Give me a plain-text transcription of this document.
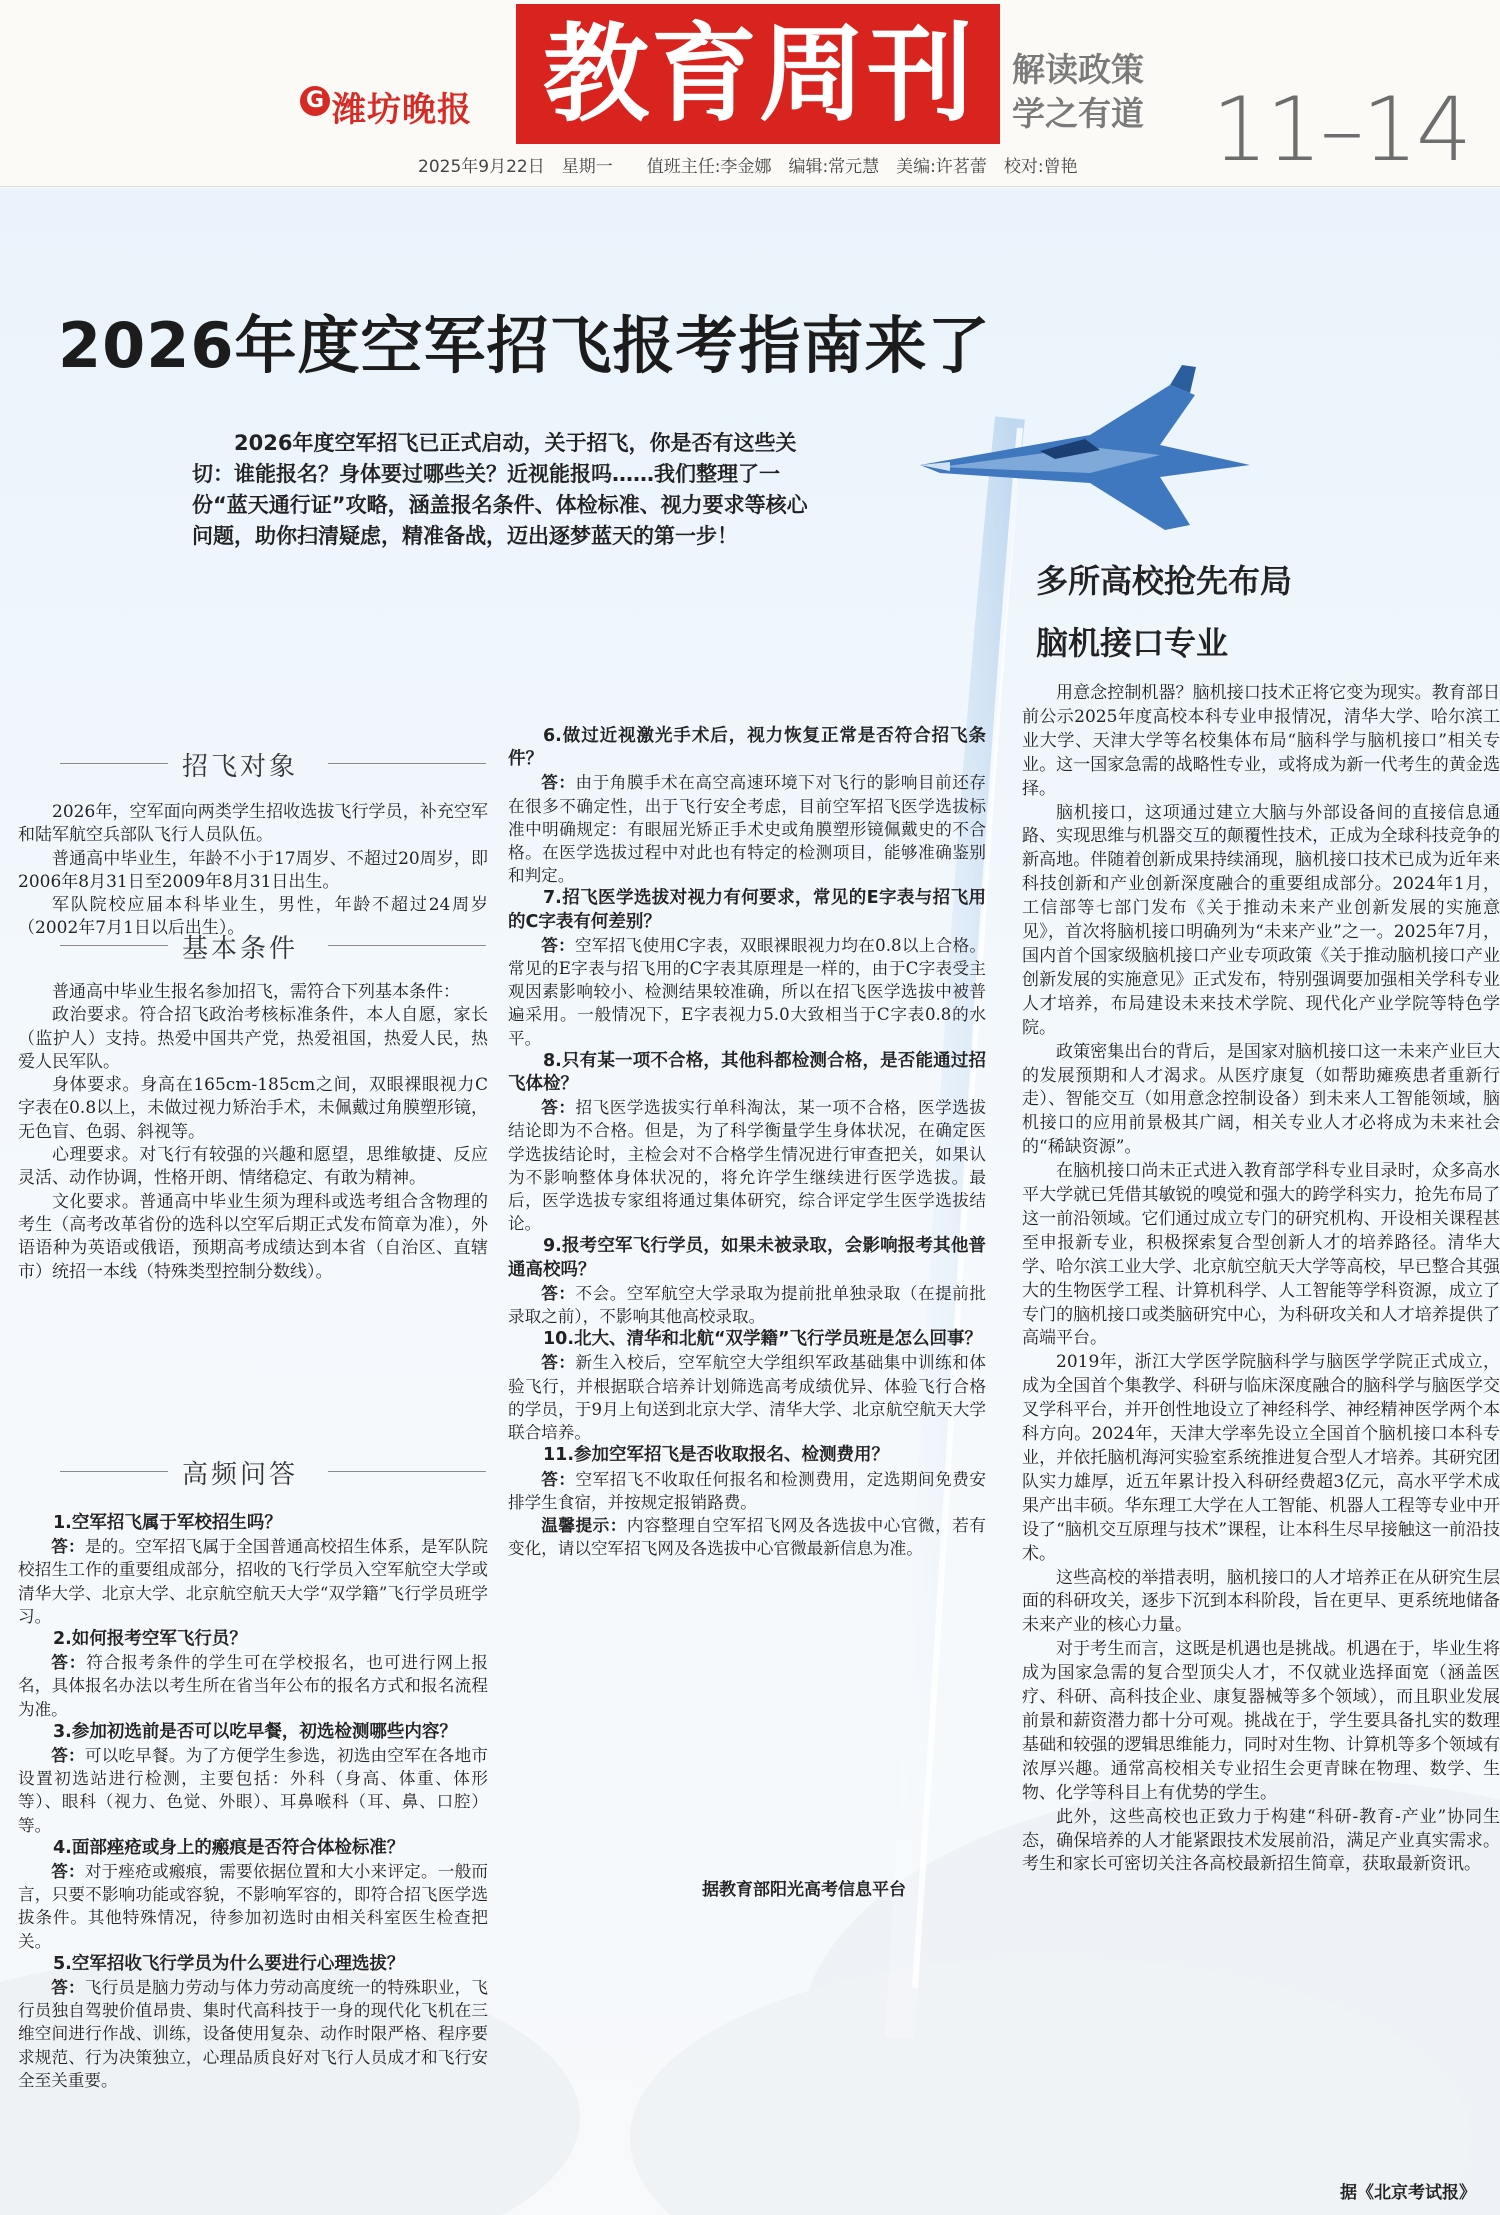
G 潍坊晚报 教育周刊	解读政策
学之有道 11–14
2025年9月22日　星期一　　值班主任:李金娜　编辑:常元慧　美编:许茗蕾　校对:曾艳
2026年度空军招飞报考指南来了
2026年度空军招飞已正式启动，关于招飞，你是否有这些关切：谁能报名？身体要过哪些关？近视能报吗……我们整理了一份“蓝天通行证”攻略，涵盖报名条件、体检标准、视力要求等核心问题，助你扫清疑虑，精准备战，迈出逐梦蓝天的第一步！
多所高校抢先布局
脑机接口专业
招飞对象

2026年，空军面向两类学生招收选拔飞行学员，补充空军和陆军航空兵部队飞行人员队伍。

普通高中毕业生，年龄不小于17周岁、不超过20周岁，即2006年8月31日至2009年8月31日出生。

军队院校应届本科毕业生，男性，年龄不超过24周岁（2002年7月1日以后出生）。

基本条件

普通高中毕业生报名参加招飞，需符合下列基本条件：

政治要求。符合招飞政治考核标准条件，本人自愿，家长（监护人）支持。热爱中国共产党，热爱祖国，热爱人民，热爱人民军队。

身体要求。身高在165cm-185cm之间，双眼裸眼视力C字表在0.8以上，未做过视力矫治手术，未佩戴过角膜塑形镜，无色盲、色弱、斜视等。

心理要求。对飞行有较强的兴趣和愿望，思维敏捷、反应灵活、动作协调，性格开朗、情绪稳定、有敢为精神。

文化要求。普通高中毕业生须为理科或选考组合含物理的考生（高考改革省份的选科以空军后期正式发布简章为准），外语语种为英语或俄语，预期高考成绩达到本省（自治区、直辖市）统招一本线（特殊类型控制分数线）。

高频问答

1.空军招飞属于军校招生吗？

答：是的。空军招飞属于全国普通高校招生体系，是军队院校招生工作的重要组成部分，招收的飞行学员入空军航空大学或清华大学、北京大学、北京航空航天大学“双学籍”飞行学员班学习。

2.如何报考空军飞行员？

答：符合报考条件的学生可在学校报名，也可进行网上报名，具体报名办法以考生所在省当年公布的报名方式和报名流程为准。

3.参加初选前是否可以吃早餐，初选检测哪些内容？

答：可以吃早餐。为了方便学生参选，初选由空军在各地市设置初选站进行检测，主要包括：外科（身高、体重、体形等）、眼科（视力、色觉、外眼）、耳鼻喉科（耳、鼻、口腔）等。

4.面部痤疮或身上的瘢痕是否符合体检标准？

答：对于痤疮或瘢痕，需要依据位置和大小来评定。一般而言，只要不影响功能或容貌，不影响军容的，即符合招飞医学选拔条件。其他特殊情况，待参加初选时由相关科室医生检查把关。

5.空军招收飞行学员为什么要进行心理选拔？

答：飞行员是脑力劳动与体力劳动高度统一的特殊职业，飞行员独自驾驶价值昂贵、集时代高科技于一身的现代化飞机在三维空间进行作战、训练，设备使用复杂、动作时限严格、程序要求规范、行为决策独立，心理品质良好对飞行人员成才和飞行安全至关重要。

6.做过近视激光手术后，视力恢复正常是否符合招飞条件？

答：由于角膜手术在高空高速环境下对飞行的影响目前还存在很多不确定性，出于飞行安全考虑，目前空军招飞医学选拔标准中明确规定：有眼屈光矫正手术史或角膜塑形镜佩戴史的不合格。在医学选拔过程中对此也有特定的检测项目，能够准确鉴别和判定。

7.招飞医学选拔对视力有何要求，常见的E字表与招飞用的C字表有何差别？

答：空军招飞使用C字表，双眼裸眼视力均在0.8以上合格。常见的E字表与招飞用的C字表其原理是一样的，由于C字表受主观因素影响较小、检测结果较准确，所以在招飞医学选拔中被普遍采用。一般情况下，E字表视力5.0大致相当于C字表0.8的水平。

8.只有某一项不合格，其他科都检测合格，是否能通过招飞体检？

答：招飞医学选拔实行单科淘汰，某一项不合格，医学选拔结论即为不合格。但是，为了科学衡量学生身体状况，在确定医学选拔结论时，主检会对不合格学生情况进行审查把关，如果认为不影响整体身体状况的，将允许学生继续进行医学选拔。最后，医学选拔专家组将通过集体研究，综合评定学生医学选拔结论。

9.报考空军飞行学员，如果未被录取，会影响报考其他普通高校吗？

答：不会。空军航空大学录取为提前批单独录取（在提前批录取之前），不影响其他高校录取。

10.北大、清华和北航“双学籍”飞行学员班是怎么回事？

答：新生入校后，空军航空大学组织军政基础集中训练和体验飞行，并根据联合培养计划筛选高考成绩优异、体验飞行合格的学员，于9月上旬送到北京大学、清华大学、北京航空航天大学联合培养。

11.参加空军招飞是否收取报名、检测费用？

答：空军招飞不收取任何报名和检测费用，定选期间免费安排学生食宿，并按规定报销路费。

温馨提示：内容整理自空军招飞网及各选拔中心官微，若有变化，请以空军招飞网及各选拔中心官微最新信息为准。

据教育部阳光高考信息平台

用意念控制机器？脑机接口技术正将它变为现实。教育部日前公示2025年度高校本科专业申报情况，清华大学、哈尔滨工业大学、天津大学等名校集体布局“脑科学与脑机接口”相关专业。这一国家急需的战略性专业，或将成为新一代考生的黄金选择。

脑机接口，这项通过建立大脑与外部设备间的直接信息通路、实现思维与机器交互的颠覆性技术，正成为全球科技竞争的新高地。伴随着创新成果持续涌现，脑机接口技术已成为近年来科技创新和产业创新深度融合的重要组成部分。2024年1月，工信部等七部门发布《关于推动未来产业创新发展的实施意见》，首次将脑机接口明确列为“未来产业”之一。2025年7月，国内首个国家级脑机接口产业专项政策《关于推动脑机接口产业创新发展的实施意见》正式发布，特别强调要加强相关学科专业人才培养，布局建设未来技术学院、现代化产业学院等特色学院。

政策密集出台的背后，是国家对脑机接口这一未来产业巨大的发展预期和人才渴求。从医疗康复（如帮助瘫痪患者重新行走）、智能交互（如用意念控制设备）到未来人工智能领域，脑机接口的应用前景极其广阔，相关专业人才必将成为未来社会的“稀缺资源”。

在脑机接口尚未正式进入教育部学科专业目录时，众多高水平大学就已凭借其敏锐的嗅觉和强大的跨学科实力，抢先布局了这一前沿领域。它们通过成立专门的研究机构、开设相关课程甚至申报新专业，积极探索复合型创新人才的培养路径。清华大学、哈尔滨工业大学、北京航空航天大学等高校，早已整合其强大的生物医学工程、计算机科学、人工智能等学科资源，成立了专门的脑机接口或类脑研究中心，为科研攻关和人才培养提供了高端平台。

2019年，浙江大学医学院脑科学与脑医学学院正式成立，成为全国首个集教学、科研与临床深度融合的脑科学与脑医学交叉学科平台，并开创性地设立了神经科学、神经精神医学两个本科方向。2024年，天津大学率先设立全国首个脑机接口本科专业，并依托脑机海河实验室系统推进复合型人才培养。其研究团队实力雄厚，近五年累计投入科研经费超3亿元，高水平学术成果产出丰硕。华东理工大学在人工智能、机器人工程等专业中开设了“脑机交互原理与技术”课程，让本科生尽早接触这一前沿技术。

这些高校的举措表明，脑机接口的人才培养正在从研究生层面的科研攻关，逐步下沉到本科阶段，旨在更早、更系统地储备未来产业的核心力量。

对于考生而言，这既是机遇也是挑战。机遇在于，毕业生将成为国家急需的复合型顶尖人才，不仅就业选择面宽（涵盖医疗、科研、高科技企业、康复器械等多个领域），而且职业发展前景和薪资潜力都十分可观。挑战在于，学生要具备扎实的数理基础和较强的逻辑思维能力，同时对生物、计算机等多个领域有浓厚兴趣。通常高校相关专业招生会更青睐在物理、数学、生物、化学等科目上有优势的学生。

此外，这些高校也正致力于构建“科研-教育-产业”协同生态，确保培养的人才能紧跟技术发展前沿，满足产业真实需求。考生和家长可密切关注各高校最新招生简章，获取最新资讯。

据《北京考试报》
